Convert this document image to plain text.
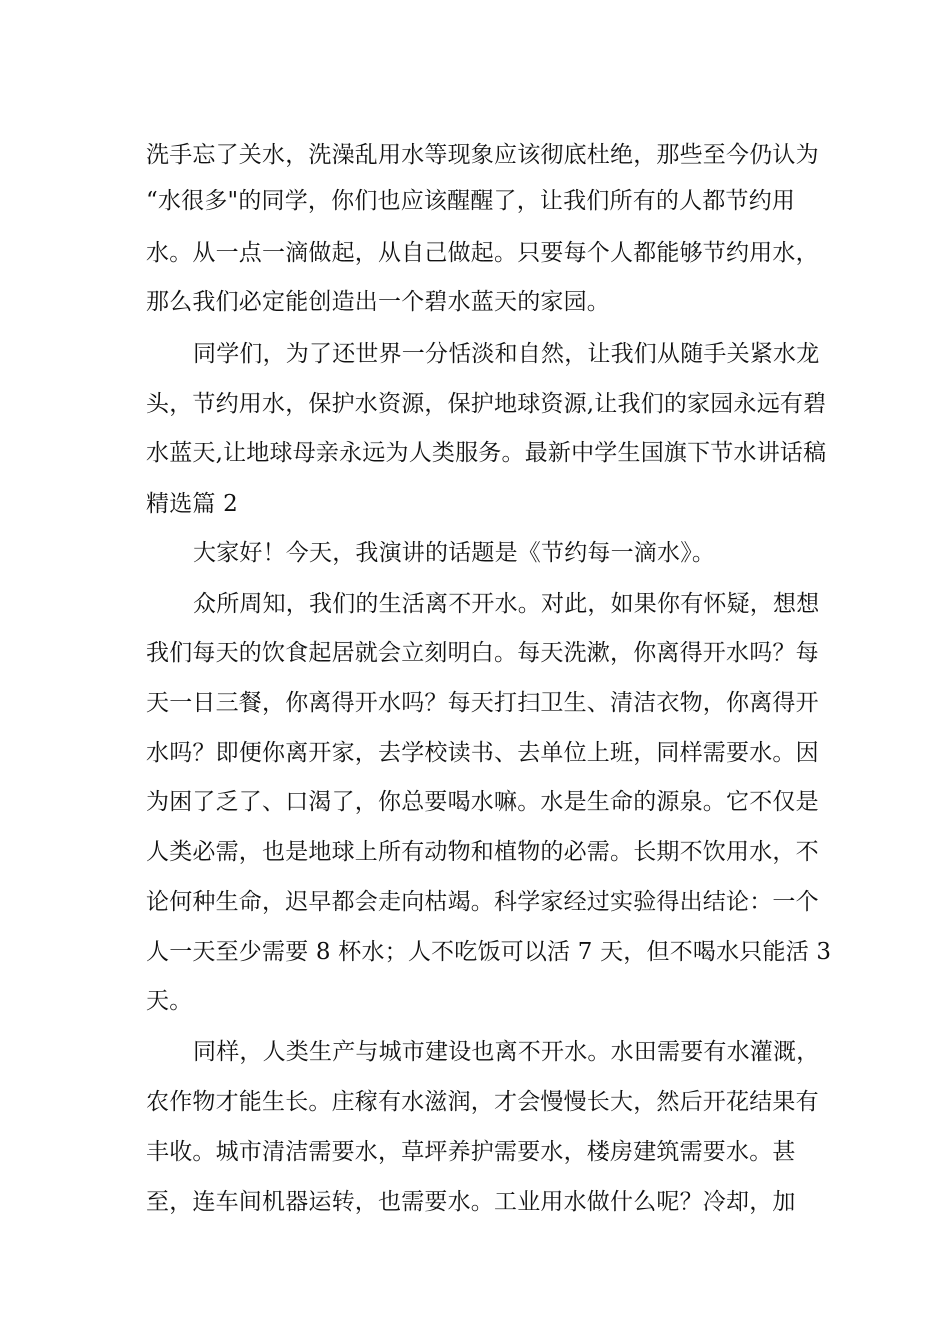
洗手忘了关水，洗澡乱用水等现象应该彻底杜绝，那些至今仍认为
“水很多"的同学，你们也应该醒醒了，让我们所有的人都节约用
水。从一点一滴做起，从自己做起。只要每个人都能够节约用水，
那么我们必定能创造出一个碧水蓝天的家园。
同学们，为了还世界一分恬淡和自然，让我们从随手关紧水龙
头，节约用水，保护水资源，保护地球资源,让我们的家园永远有碧
水蓝天,让地球母亲永远为人类服务。最新中学生国旗下节水讲话稿
精选篇 2
大家好！今天，我演讲的话题是《节约每一滴水》。
众所周知，我们的生活离不开水。对此，如果你有怀疑，想想
我们每天的饮食起居就会立刻明白。每天洗漱，你离得开水吗？每
天一日三餐，你离得开水吗？每天打扫卫生、清洁衣物，你离得开
水吗？即便你离开家，去学校读书、去单位上班，同样需要水。因
为困了乏了、口渴了，你总要喝水嘛。水是生命的源泉。它不仅是
人类必需，也是地球上所有动物和植物的必需。长期不饮用水，不
论何种生命，迟早都会走向枯竭。科学家经过实验得出结论：一个
人一天至少需要 8 杯水；人不吃饭可以活 7 天，但不喝水只能活 3
天。
同样，人类生产与城市建设也离不开水。水田需要有水灌溉，
农作物才能生长。庄稼有水滋润，才会慢慢长大，然后开花结果有
丰收。城市清洁需要水，草坪养护需要水，楼房建筑需要水。甚
至，连车间机器运转，也需要水。工业用水做什么呢？冷却，加
